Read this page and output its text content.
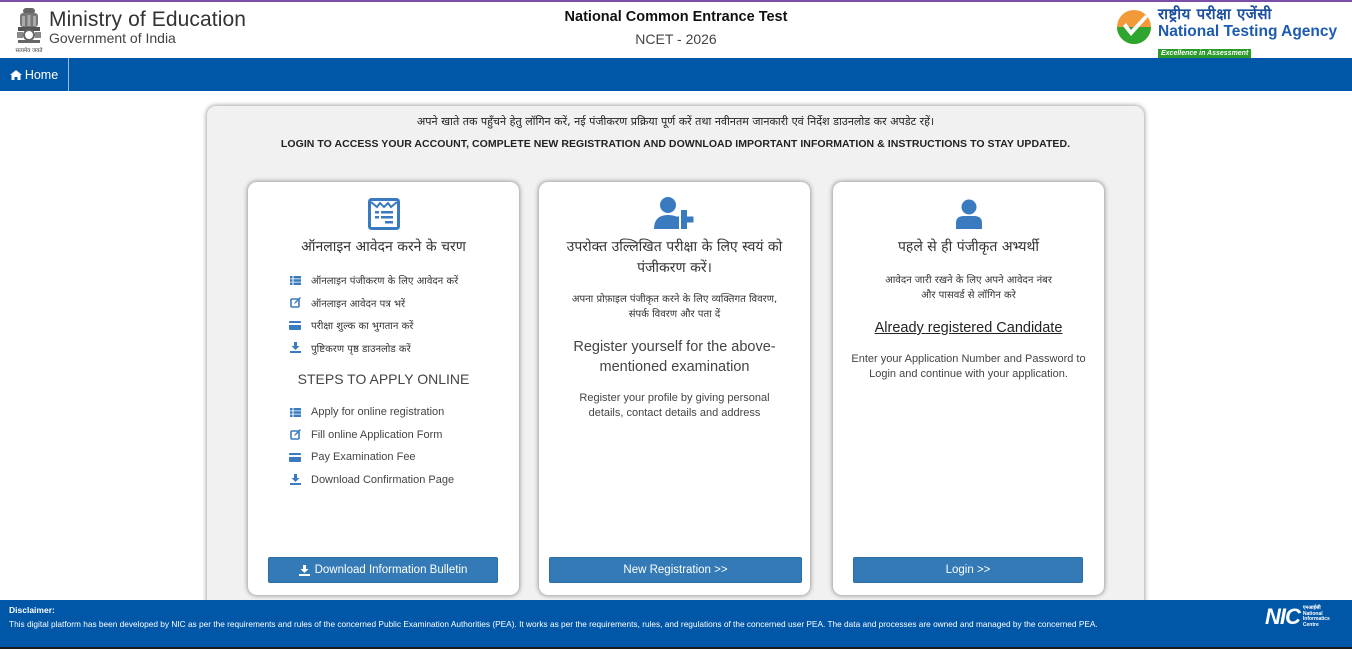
सत्यमेव जयते
Ministry of Education
Government of India
National Common Entrance Test
NCET - 2026
राष्ट्रीय परीक्षा एजेंसी
National Testing Agency
Excellence in Assessment
Home
अपने खाते तक पहुँचने हेतु लॉगिन करें, नई पंजीकरण प्रक्रिया पूर्ण करें तथा नवीनतम जानकारी एवं निर्देश डाउनलोड कर अपडेट रहें।
LOGIN TO ACCESS YOUR ACCOUNT, COMPLETE NEW REGISTRATION AND DOWNLOAD IMPORTANT INFORMATION & INSTRUCTIONS TO STAY UPDATED.
ऑनलाइन आवेदन करने के चरण
ऑनलाइन पंजीकरण के लिए आवेदन करें
ऑनलाइन आवेदन पत्र भरें
परीक्षा शुल्क का भुगतान करें
पुष्टिकरण पृष्ठ डाउनलोड करें
STEPS TO APPLY ONLINE
Apply for online registration
Fill online Application Form
Pay Examination Fee
Download Confirmation Page
Download Information Bulletin
उपरोक्त उल्लिखित परीक्षा के लिए स्वयं को पंजीकरण करें।
अपना प्रोफ़ाइल पंजीकृत करने के लिए व्यक्तिगत विवरण, संपर्क विवरण और पता दें
Register yourself for the above-mentioned examination
Register your profile by giving personal details, contact details and address
New Registration >>
पहले से ही पंजीकृत अभ्यर्थी
आवेदन जारी रखने के लिए अपने आवेदन नंबर और पासवर्ड से लॉगिन करे
Already registered Candidate
Enter your Application Number and Password to Login and continue with your application.
Login >>
Disclaimer:
This digital platform has been developed by NIC as per the requirements and rules of the concerned Public Examination Authorities (PEA). It works as per the requirements, rules, and regulations of the concerned user PEA. The data and processes are owned and managed by the concerned PEA.	NIC एनआईसी
National
Informatics
Centre
